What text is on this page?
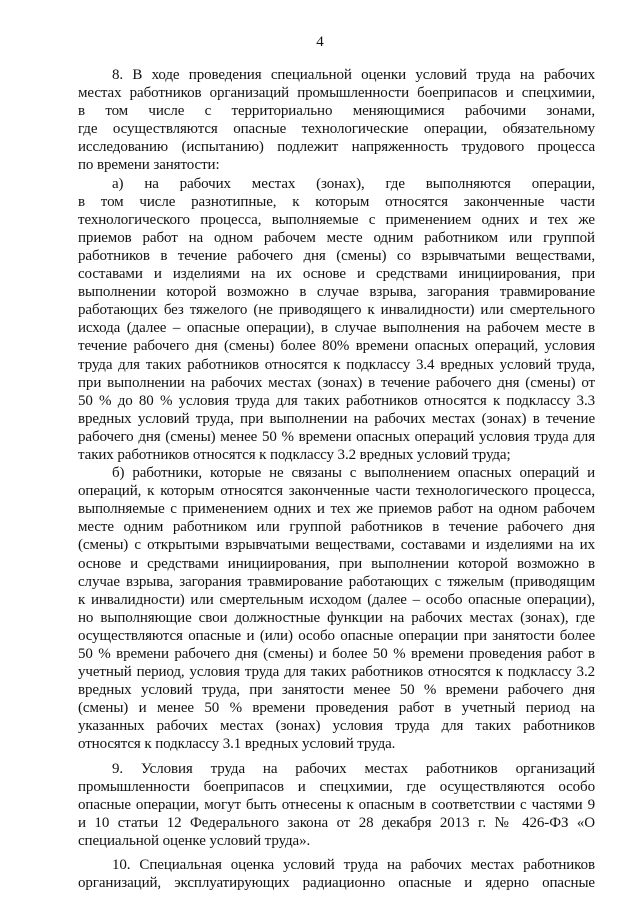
4
8. В ходе проведения специальной оценки условий труда на рабочих
местах работников организаций промышленности боеприпасов и спецхимии,
в том числе с территориально меняющимися рабочими зонами,
где осуществляются опасные технологические операции, обязательному
исследованию (испытанию) подлежит напряженность трудового процесса
по времени занятости:
а) на рабочих местах (зонах), где выполняются операции,
в том числе разнотипные, к которым относятся законченные части
технологического процесса, выполняемые с применением одних и тех же
приемов работ на одном рабочем месте одним работником или группой
работников в течение рабочего дня (смены) со взрывчатыми веществами,
составами и изделиями на их основе и средствами инициирования, при
выполнении которой возможно в случае взрыва, загорания травмирование
работающих без тяжелого (не приводящего к инвалидности) или смертельного
исхода (далее – опасные операции), в случае выполнения на рабочем месте в
течение рабочего дня (смены) более 80% времени опасных операций, условия
труда для таких работников относятся к подклассу 3.4 вредных условий труда,
при выполнении на рабочих местах (зонах) в течение рабочего дня (смены) от
50 % до 80 % условия труда для таких работников относятся к подклассу 3.3
вредных условий труда, при выполнении на рабочих местах (зонах) в течение
рабочего дня (смены) менее 50 % времени опасных операций условия труда для
таких работников относятся к подклассу 3.2 вредных условий труда;
б) работники, которые не связаны с выполнением опасных операций и
операций, к которым относятся законченные части технологического процесса,
выполняемые с применением одних и тех же приемов работ на одном рабочем
месте одним работником или группой работников в течение рабочего дня
(смены) с открытыми взрывчатыми веществами, составами и изделиями на их
основе и средствами инициирования, при выполнении которой возможно в
случае взрыва, загорания травмирование работающих с тяжелым (приводящим
к инвалидности) или смертельным исходом (далее – особо опасные операции),
но выполняющие свои должностные функции на рабочих местах (зонах), где
осуществляются опасные и (или) особо опасные операции при занятости более
50 % времени рабочего дня (смены) и более 50 % времени проведения работ в
учетный период, условия труда для таких работников относятся к подклассу 3.2
вредных условий труда, при занятости менее 50 % времени рабочего дня
(смены) и менее 50 % времени проведения работ в учетный период на
указанных рабочих местах (зонах) условия труда для таких работников
относятся к подклассу 3.1 вредных условий труда.
9. Условия труда на рабочих местах работников организаций
промышленности боеприпасов и спецхимии, где осуществляются особо
опасные операции, могут быть отнесены к опасным в соответствии с частями 9
и 10 статьи 12 Федерального закона от 28 декабря 2013 г. № 426-ФЗ «О
специальной оценке условий труда».
10. Специальная оценка условий труда на рабочих местах работников
организаций, эксплуатирующих радиационно опасные и ядерно опасные
